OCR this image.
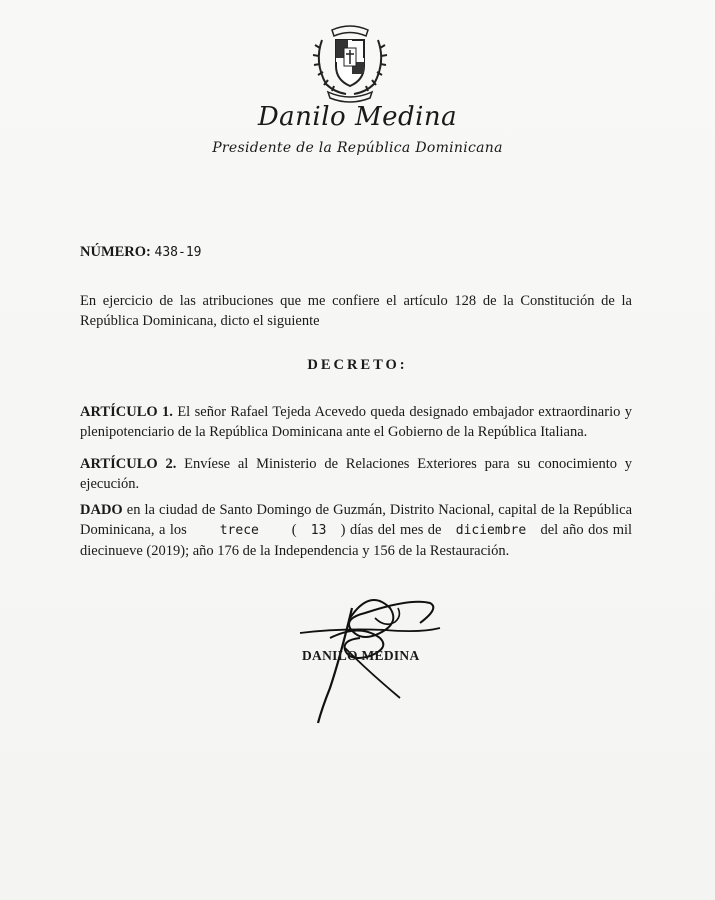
Danilo Medina
Presidente de la República Dominicana
NÚMERO: 438-19
En ejercicio de las atribuciones que me confiere el artículo 128 de la Constitución de la República Dominicana, dicto el siguiente
DECRETO:
ARTÍCULO 1. El señor Rafael Tejeda Acevedo queda designado embajador extraordinario y plenipotenciario de la República Dominicana ante el Gobierno de la República Italiana.
ARTÍCULO 2. Envíese al Ministerio de Relaciones Exteriores para su conocimiento y ejecución.
DADO en la ciudad de Santo Domingo de Guzmán, Distrito Nacional, capital de la República Dominicana, a los	trece ( 13 ) días del mes de diciembre del año dos mil diecinueve (2019); año 176 de la Independencia y 156 de la Restauración.
DANILO MEDINA
